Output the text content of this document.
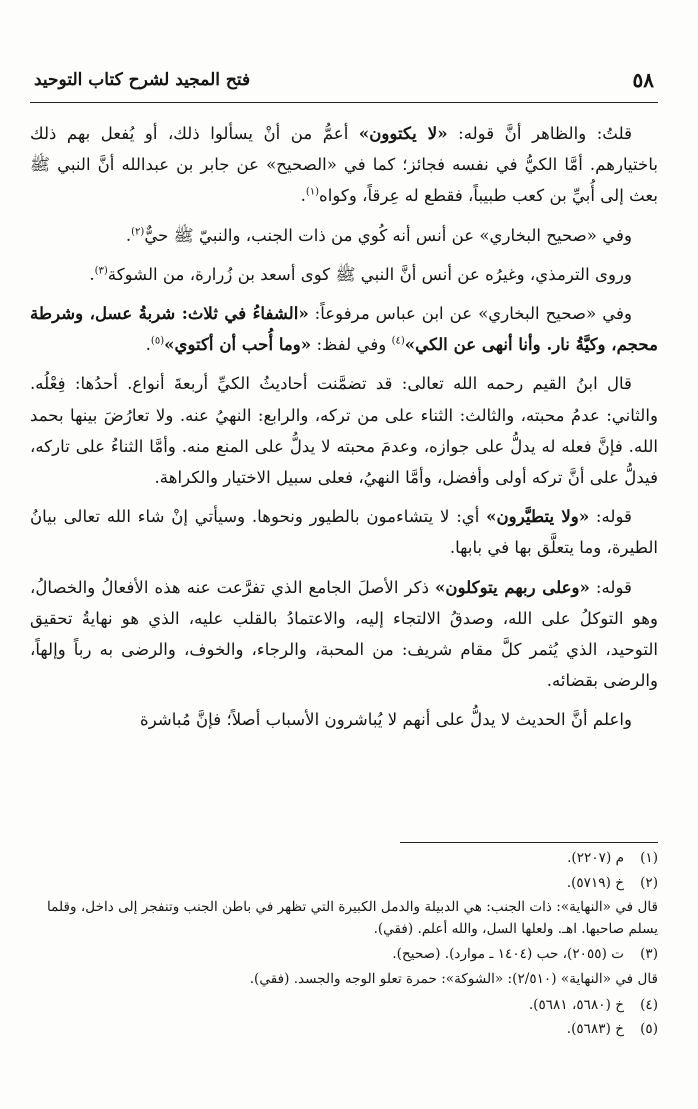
٥٨
فتح المجيد لشرح كتاب التوحيد

قلتُ: والظاهر أنَّ قوله: «لا يكتوون» أعمُّ من أنْ يسألوا ذلك، أو يُفعل بهم ذلك باختيارهم. أمَّا الكيُّ في نفسه فجائز؛ كما في «الصحيح» عن جابر بن عبدالله أنَّ النبي ﷺ بعث إلى أُبيِّ بن كعب طبيباً، فقطع له عِرقاً، وكواه$^{(١)}$.

وفي «صحيح البخاري» عن أنس أنه كُوي من ذات الجنب، والنبيّ ﷺ حيٌّ$^{(٢)}$.

وروى الترمذي، وغيرُه عن أنس أنَّ النبي ﷺ كوى أسعد بن زُرارة، من الشوكة$^{(٣)}$.

وفي «صحيح البخاري» عن ابن عباس مرفوعاً: «الشفاءُ في ثلاث: شربةُ عسل، وشرطة محجم، وكيَّةُ نار. وأنا أنهى عن الكي»$^{(٤)}$ وفي لفظ: «وما أُحب أن أكتوي»$^{(٥)}$.

قال ابنُ القيم رحمه الله تعالى: قد تضمَّنت أحاديثُ الكيِّ أربعةَ أنواع. أحدُها: فِعْلُه. والثاني: عدمُ محبته، والثالث: الثناء على من تركه، والرابع: النهيُ عنه. ولا تعارُضَ بينها بحمد الله. فإنَّ فعله له يدلُّ على جوازه، وعدمَ محبته لا يدلُّ على المنع منه. وأمَّا الثناءُ على تاركه، فيدلُّ على أنَّ تركه أولى وأفضل، وأمَّا النهيُ، فعلى سبيل الاختيار والكراهة.

قوله: «ولا يتطيَّرون» أي: لا يتشاءمون بالطيور ونحوها. وسيأتي إنْ شاء الله تعالى بيانُ الطيرة، وما يتعلَّق بها في بابها.

قوله: «وعلى ربهم يتوكلون» ذكر الأصلَ الجامع الذي تفرَّعت عنه هذه الأفعالُ والخصالُ، وهو التوكلُ على الله، وصدقُ الالتجاء إليه، والاعتمادُ بالقلب عليه، الذي هو نهايةُ تحقيق التوحيد، الذي يُثمر كلَّ مقام شريف: من المحبة، والرجاء، والخوف، والرضى به رباً وإلهاً، والرضى بقضائه.

واعلم أنَّ الحديث لا يدلُّ على أنهم لا يُباشرون الأسباب أصلاً؛ فإنَّ مُباشرة

(١)
م (٢٢٠٧).
(٢)
خ (٥٧١٩).
قال في «النهاية»: ذات الجنب: هي الدبيلة والدمل الكبيرة التي تظهر في باطن الجنب وتنفجر إلى داخل، وقلما يسلم صاحبها. اهـ. ولعلها السل، والله أعلم. (فقي).
(٣)
ت (٢٠٥٥)، حب (١٤٠٤ ـ موارد). (صحيح).
قال في «النهاية» (٢/٥١٠): «الشوكة»: حمرة تعلو الوجه والجسد. (فقي).
(٤)
خ (٥٦٨٠، ٥٦٨١).
(٥)
خ (٥٦٨٣).
